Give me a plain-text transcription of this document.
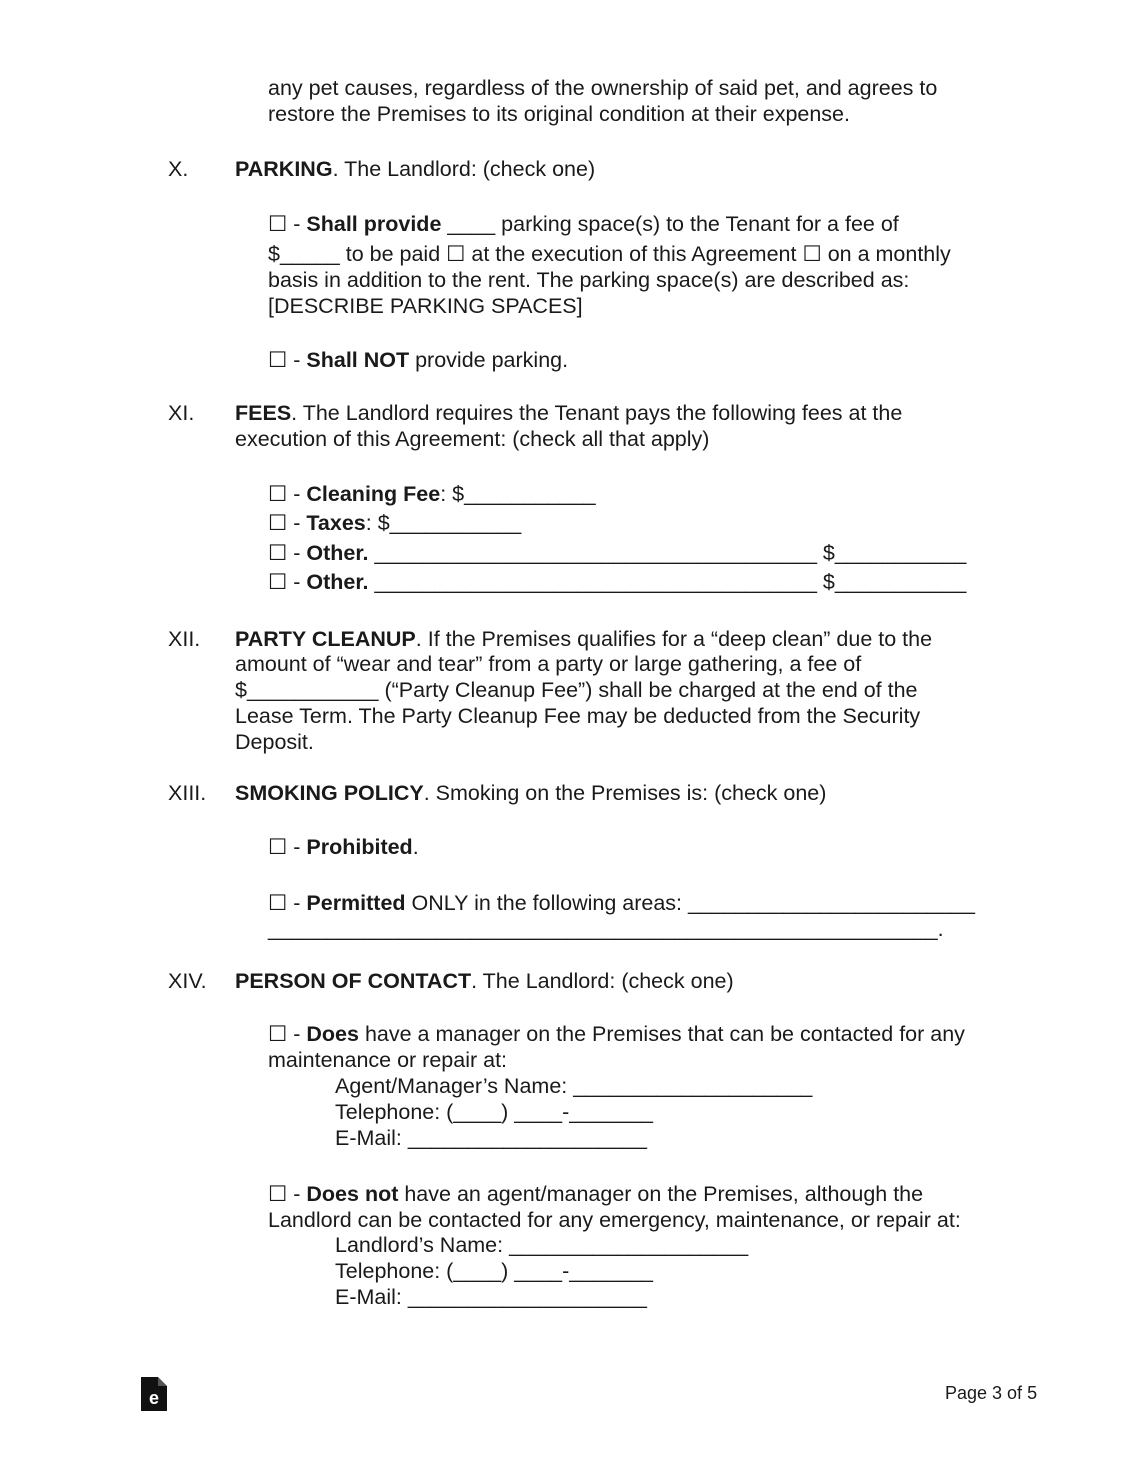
any pet causes, regardless of the ownership of said pet, and agrees to
restore the Premises to its original condition at their expense.
X. PARKING. The Landlord: (check one)
☐ - Shall provide ____ parking space(s) to the Tenant for a fee of
$_____ to be paid ☐ at the execution of this Agreement ☐ on a monthly
basis in addition to the rent. The parking space(s) are described as:
[DESCRIBE PARKING SPACES]
☐ - Shall NOT provide parking.
XI. FEES. The Landlord requires the Tenant pays the following fees at the
execution of this Agreement: (check all that apply)
☐ - Cleaning Fee: $___________
☐ - Taxes: $___________
☐ - Other. _____________________________________ $___________
☐ - Other. _____________________________________ $___________
XII. PARTY CLEANUP. If the Premises qualifies for a “deep clean” due to the
amount of “wear and tear” from a party or large gathering, a fee of
$___________ (“Party Cleanup Fee”) shall be charged at the end of the
Lease Term. The Party Cleanup Fee may be deducted from the Security
Deposit.
XIII. SMOKING POLICY. Smoking on the Premises is: (check one)
☐ - Prohibited.
☐ - Permitted ONLY in the following areas: ________________________
________________________________________________________.
XIV. PERSON OF CONTACT. The Landlord: (check one)
☐ - Does have a manager on the Premises that can be contacted for any
maintenance or repair at:
Agent/Manager’s Name: ____________________
Telephone: (____) ____-_______
E-Mail: ____________________
☐ - Does not have an agent/manager on the Premises, although the
Landlord can be contacted for any emergency, maintenance, or repair at:
Landlord’s Name: ____________________
Telephone: (____) ____-_______
E-Mail: ____________________
e	Page 3 of 5
